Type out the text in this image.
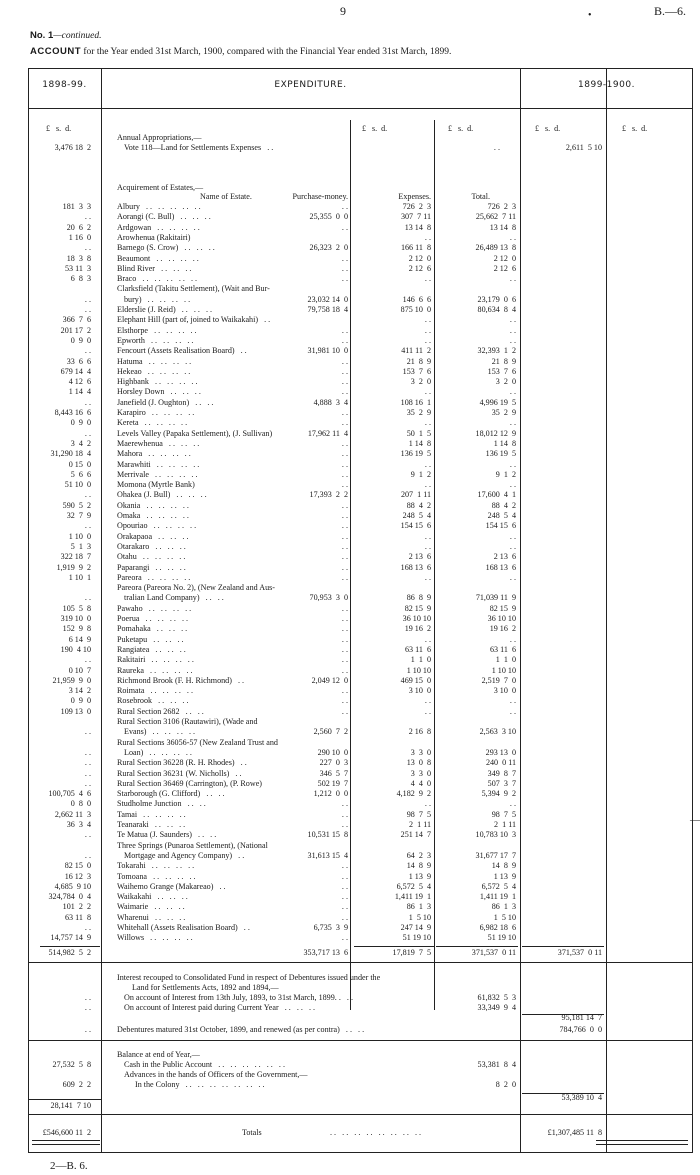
9	•	B.—6.
No. 1—continued.
ACCOUNT for the Year ended 31st March, 1900, compared with the Financial Year ended 31st March, 1899.
1898-99.	EXPENDITURE.	1899-1900.
£   s.  d.	£   s.  d.	£   s.  d.	£   s.  d.	£   s.  d.
Annual Appropriations,—
3,476 18  2	Vote 118—Land for Settlements Expenses   . .	. .	2,611  5 10
Acquirement of Estates,—
Name of Estate.	Purchase-money.	Expenses.	Total.
181  3  3	Albury   . .   . .   . .   . .   . .	. .	726  2  3	726  2  3
. .	Aorangi (C. Bull)   . .   . .   . .	25,355  0  0	307  7 11	25,662  7 11
20  6  2	Ardgowan   . .   . .   . .   . .	. .	13 14  8	13 14  8
1 16  0	Arowhenua (Rakitairi)	. .	. .
. .	Barnego (S. Crow)   . .   . .   . .	26,323  2  0	166 11  8	26,489 13  8
18  3  8	Beaumont   . .   . .   . .   . .	. .	2 12  0	2 12  0
53 11  3	Blind River   . .   . .   . .	. .	2 12  6	2 12  6
6  8  3	Braco   . .   . .   . .   . .   . .	. .	. .	. .
Clarksfield (Takitu Settlement), (Wait and Bur-
. .	bury)   . .   . .   . .   . .	23,032 14  0	146  6  6	23,179  0  6
. .	Elderslie (J. Reid)   . .   . .   . .	79,758 18  4	875 10  0	80,634  8  4
366  7  6	Elephant Hill (part of, joined to Waikakahi)   . .	. .	. .
201 17  2	Elsthorpe   . .   . .   . .   . .	. .	. .	. .
0  9  0	Epworth   . .   . .   . .   . .	. .	. .	. .
. .	Fencourt (Assets Realisation Board)   . .	31,981 10  0	411 11  2	32,393  1  2
33  6  6	Hatuma   . .   . .   . .   . .	. .	21  8  9	21  8  9
679 14  4	Hekeao   . .   . .   . .   . .	. .	153  7  6	153  7  6
4 12  6	Highbank   . .   . .   . .   . .	. .	3  2  0	3  2  0
1 14  4	Horsley Down   . .   . .   . .	. .	. .	. .
. .	Janefield (J. Oughton)   . .   . .	4,888  3  4	108 16  1	4,996 19  5
8,443 16  6	Karapiro   . .   . .   . .   . .	. .	35  2  9	35  2  9
0  9  0	Kereta   . .   . .   . .   . .	. .	. .	. .
. .	Levels Valley (Papaka Settlement), (J. Sullivan)	17,962 11  4	50  1  5	18,012 12  9
3  4  2	Maerewhenua   . .   . .   . .	. .	1 14  8	1 14  8
31,290 18  4	Mahora   . .   . .   . .   . .	. .	136 19  5	136 19  5
0 15  0	Marawhiti   . .   . .   . .   . .	. .	. .	. .
5  6  6	Merrivale   . .   . .   . .   . .	. .	9  1  2	9  1  2
51 10  0	Momona (Myrtle Bank)	. .	. .	. .
. .	Ohakea (J. Bull)   . .   . .   . .	17,393  2  2	207  1 11	17,600  4  1
590  5  2	Okania   . .   . .   . .   . .	. .	88  4  2	88  4  2
32  7  9	Omaka   . .   . .   . .   . .	. .	248  5  4	248  5  4
. .	Opouriao   . .   . .   . .   . .	. .	154 15  6	154 15  6
1 10  0	Orakapaoa   . .   . .   . .	. .	. .	. .
5  1  3	Otarakaro   . .   . .   . .	. .	. .	. .
322 18  7	Otahu   . .   . .   . .   . .	. .	2 13  6	2 13  6
1,919  9  2	Paparangi   . .   . .   . .	. .	168 13  6	168 13  6
1 10  1	Pareora   . .   . .   . .   . .	. .	. .	. .
Pareora (Pareora No. 2), (New Zealand and Aus-
. .	tralian Land Company)   . .   . .	70,953  3  0	86  8  9	71,039 11  9
105  5  8	Pawaho   . .   . .   . .   . .	. .	82 15  9	82 15  9
319 10  0	Poerua   . .   . .   . .   . .	. .	36 10 10	36 10 10
152  9  8	Pomahaka   . .   . .   . .	. .	19 16  2	19 16  2
6 14  9	Puketapu   . .   . .   . .	. .	. .	. .
190  4 10	Rangiatea   . .   . .   . .	. .	63 11  6	63 11  6
. .	Rakitairi   . .   . .   . .   . .	. .	1  1  0	1  1  0
0 10  7	Raureka   . .   . .   . .   . .	. .	1 10 10	1 10 10
21,959  9  0	Richmond Brook (F. H. Richmond)   . .	2,049 12  0	469 15  0	2,519  7  0
3 14  2	Roimata   . .   . .   . .   . .	. .	3 10  0	3 10  0
0  9  0	Rosebrook   . .   . .   . .	. .	. .	. .
109 13  0	Rural Section 2682   . .   . .	. .	. .	. .
Rural Section 3106 (Rautawiri), (Wade and
. .	Evans)   . .   . .   . .   . .	2,560  7  2	2 16  8	2,563  3 10
Rural Sections 36056-57 (New Zealand Trust and
. .	Loan)   . .   . .   . .   . .	290 10  0	3  3  0	293 13  0
. .	Rural Section 36228 (R. H. Rhodes)   . .	227  0  3	13  0  8	240  0 11
. .	Rural Section 36231 (W. Nicholls)   . .	346  5  7	3  3  0	349  8  7
. .	Rural Section 36469 (Carrington), (P. Rowe)	502 19  7	4  4  0	507  3  7
100,705  4  6	Starborough (G. Clifford)   . .   . .	1,212  0  0	4,182  9  2	5,394  9  2
0  8  0	Studholme Junction   . .   . .	. .	. .	. .
2,662 11  3	Tamai   . .   . .   . .   . .	. .	98  7  5	98  7  5
36  3  4	Teanaraki   . .   . .   . .	. .	2  1 11	2  1 11
. .	Te Matua (J. Saunders)   . .   . .	10,531 15  8	251 14  7	10,783 10  3
Three Springs (Punaroa Settlement), (National
. .	Mortgage and Agency Company)   . .	31,613 15  4	64  2  3	31,677 17  7
82 15  0	Tokarahi   . .   . .   . .   . .	. .	14  8  9	14  8  9
16 12  3	Tomoana   . .   . .   . .   . .	. .	1 13  9	1 13  9
4,685  9 10	Waihemo Grange (Makareao)   . .	. .	6,572  5  4	6,572  5  4
324,784  0  4	Waikakahi   . .   . .   . .	. .	1,411 19  1	1,411 19  1
101  2  2	Waimarie   . .   . .   . .	. .	86  1  3	86  1  3
63 11  8	Wharenui   . .   . .   . .	. .	1  5 10	1  5 10
. .	Whitehall (Assets Realisation Board)   . .	6,735  3  9	247 14  9	6,982 18  6
14,757 14  9	Willows   . .   . .   . .   . .	. .	51 19 10	51 19 10
514,982  5  2	353,717 13  6	17,819  7  5	371,537  0 11	371,537  0 11
Interest recouped to Consolidated Fund in respect of Debentures issued under the
Land for Settlements Acts, 1892 and 1894,—
. .	On account of Interest from 13th July, 1893, to 31st March, 1899. .   . .	61,832  5  3
. .	On account of Interest paid during Current Year   . .   . .   . .	33,349  9  4
95,181 14  7
. .	Debentures matured 31st October, 1899, and renewed (as per contra)   . .   . .	784,766  0  0
Balance at end of Year,—
27,532  5  8	Cash in the Public Account   . .   . .   . .   . .   . .   . .	53,381  8  4
Advances in the hands of Officers of the Government,—
609  2  2	In the Colony   . .   . .   . .   . .   . .   . .   . .	8  2  0
53,389 10  4
28,141  7 10
£546,600 11  2	Totals	. .   . .   . .   . .   . .   . .   . .   . .	£1,307,485 11  8
—
2—B. 6.
